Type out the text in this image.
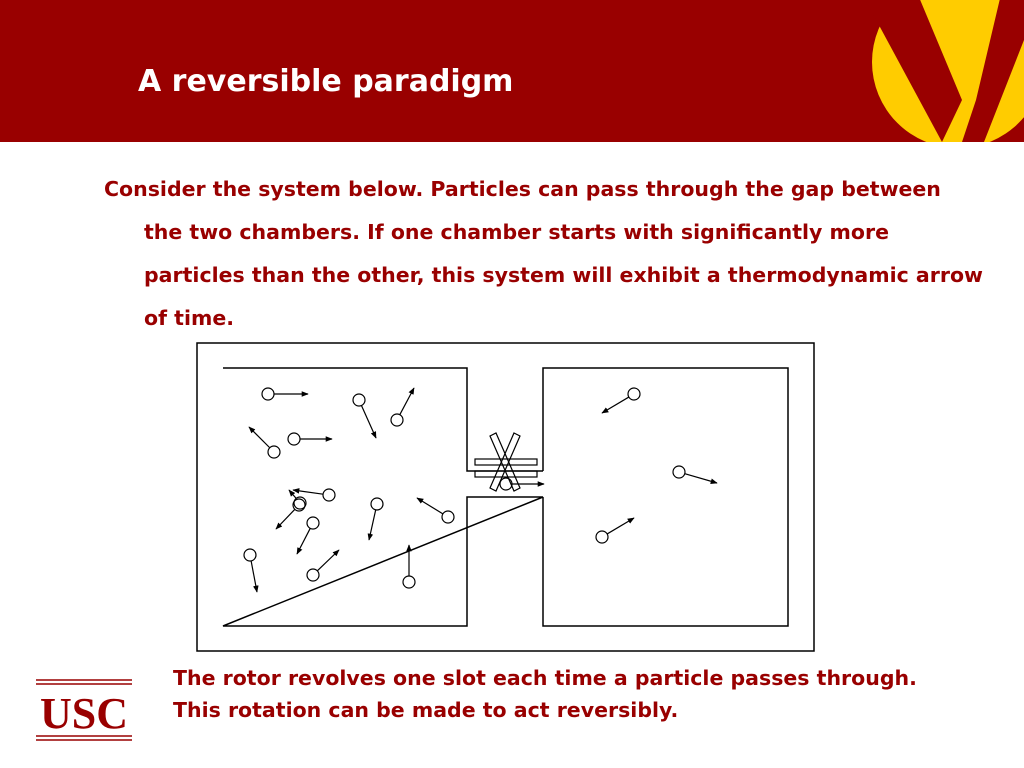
A reversible paradigm

Consider the system below. Particles can pass through the gap between the two chambers. If one chamber starts with significantly more particles than the other, this system will exhibit a thermodynamic arrow of time.

USC

The rotor revolves one slot each time a particle passes through. This rotation can be made to act reversibly.
